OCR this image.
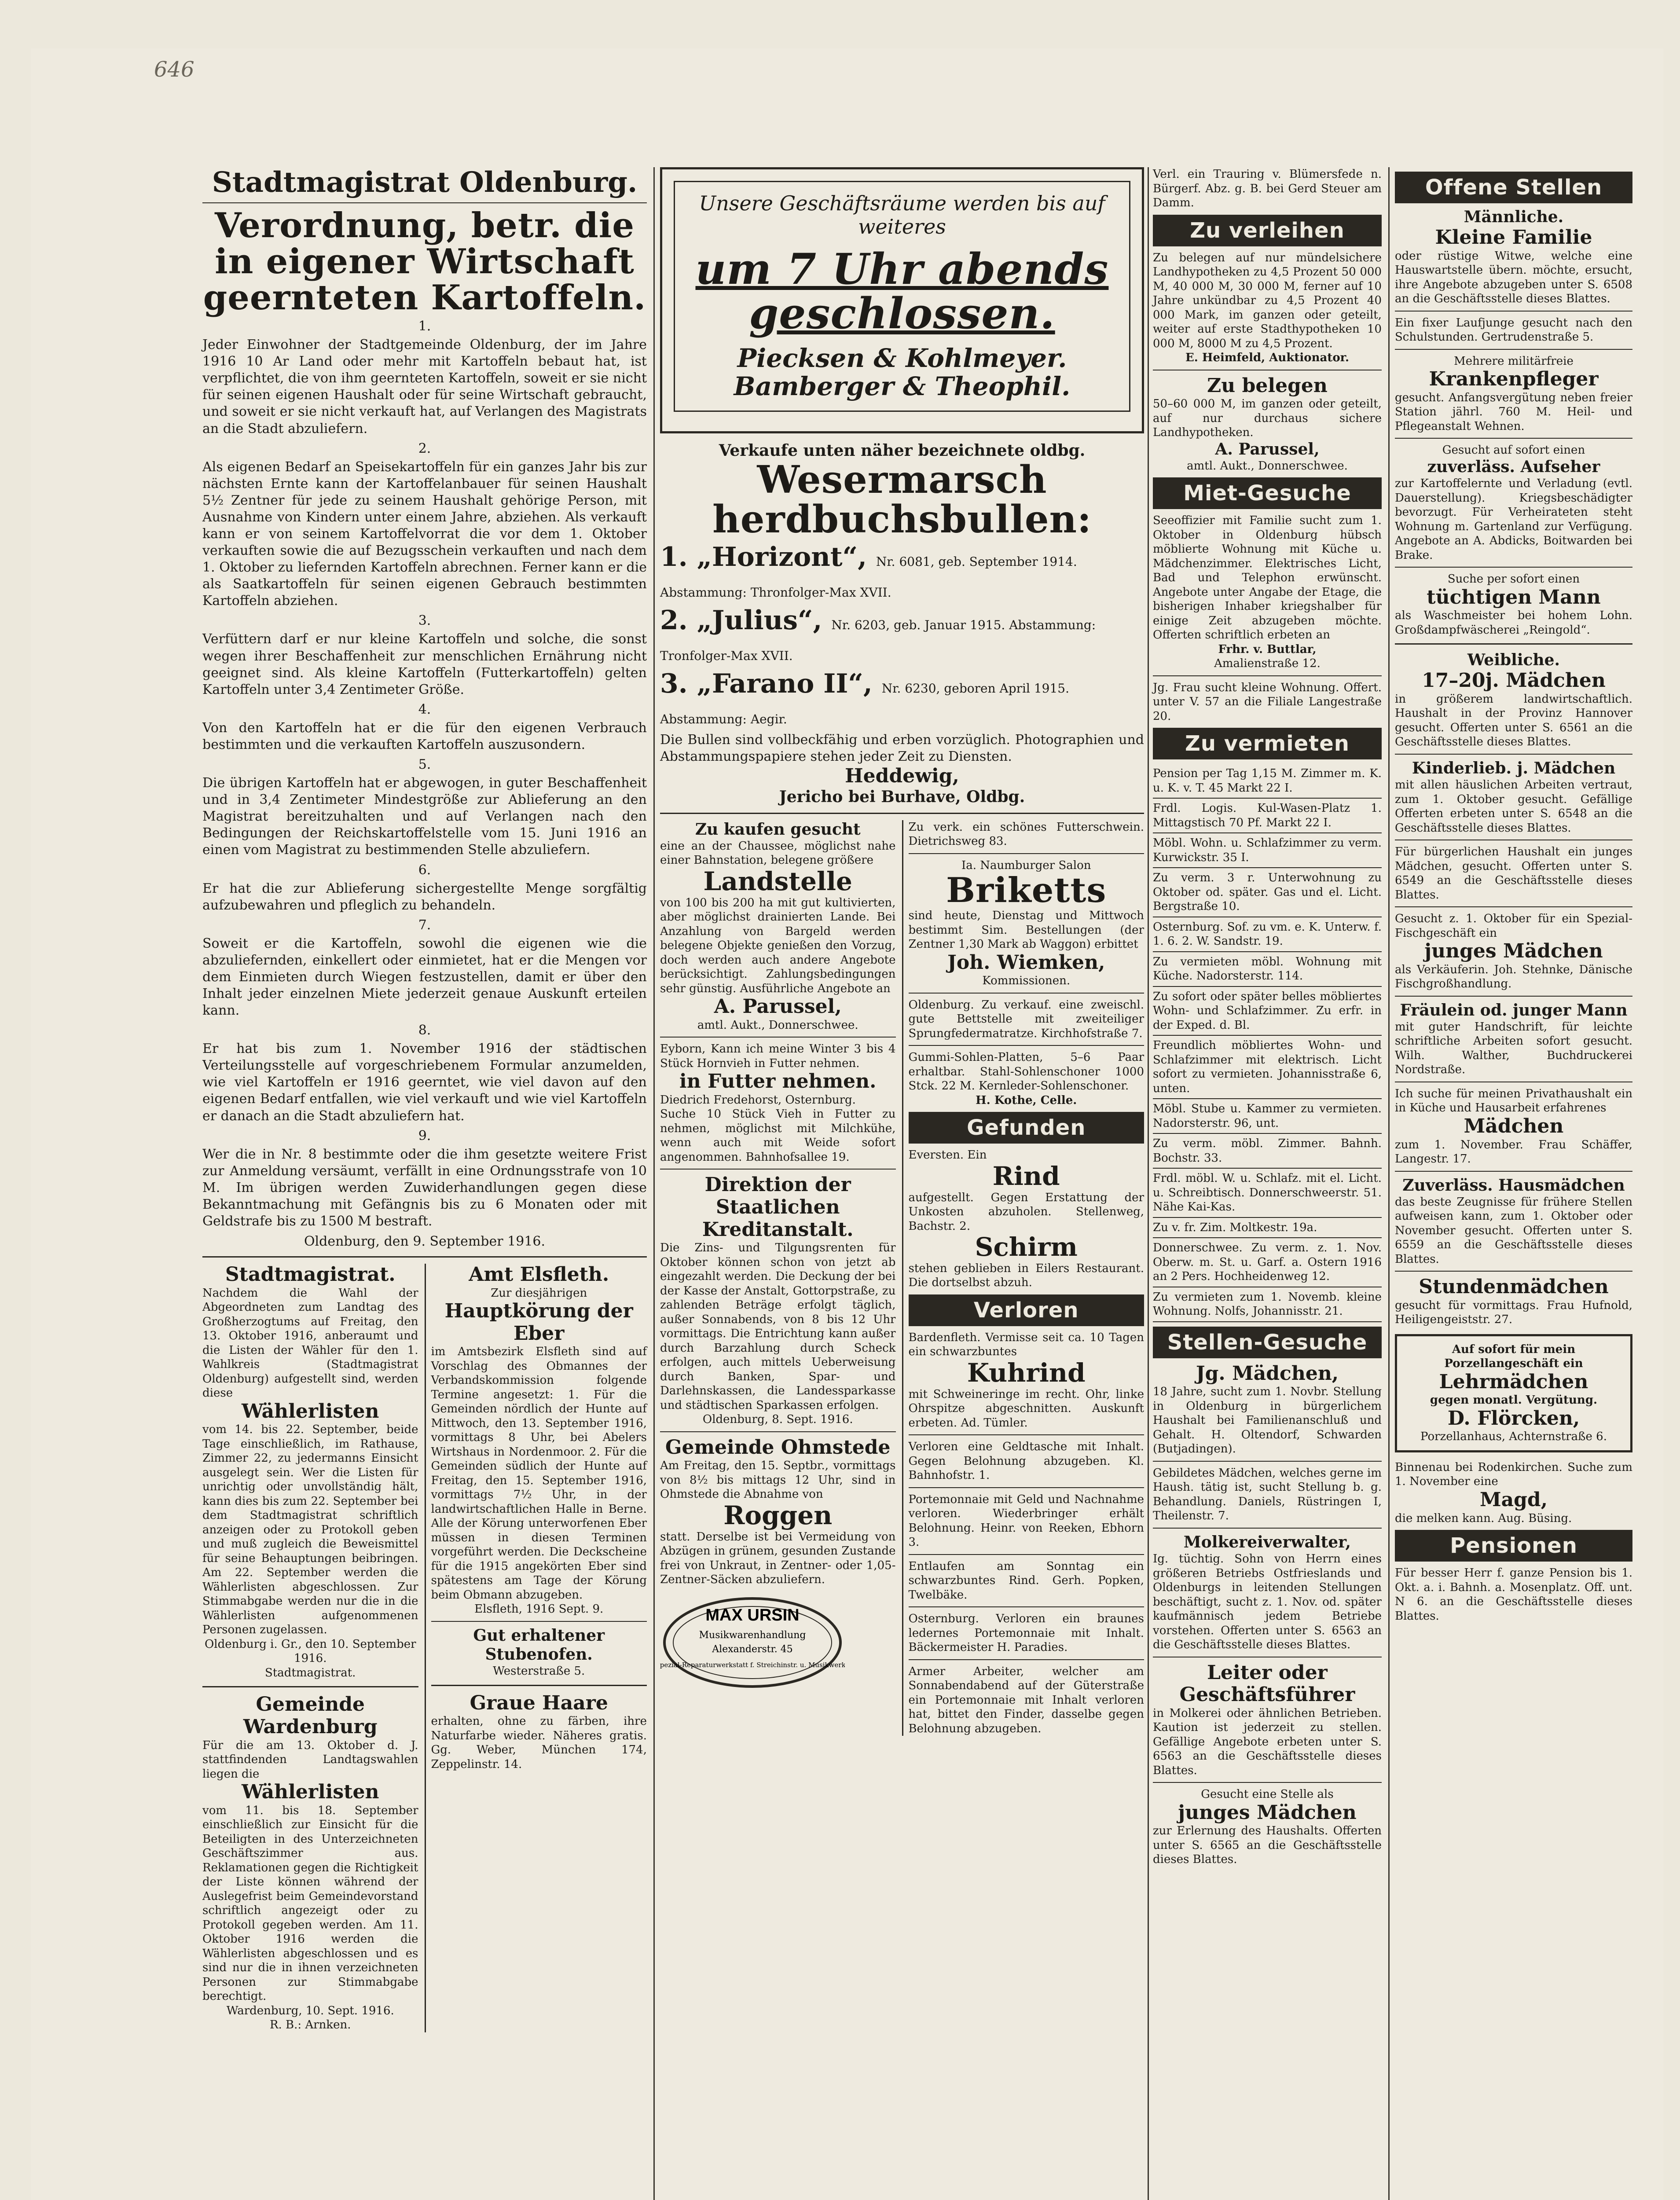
646
Stadtmagistrat Oldenburg.
Verordnung, betr. die in eigener Wirtschaft geernteten Kartoffeln.
1.
Jeder Einwohner der Stadtgemeinde Oldenburg, der im Jahre 1916 10 Ar Land oder mehr mit Kartoffeln bebaut hat, ist verpflichtet, die von ihm geernteten Kartoffeln, soweit er sie nicht für seinen eigenen Haushalt oder für seine Wirtschaft gebraucht, und soweit er sie nicht verkauft hat, auf Verlangen des Magistrats an die Stadt abzuliefern.
2.
Als eigenen Bedarf an Speisekartoffeln für ein ganzes Jahr bis zur nächsten Ernte kann der Kartoffelanbauer für seinen Haushalt 5½ Zentner für jede zu seinem Haushalt gehörige Person, mit Ausnahme von Kindern unter einem Jahre, abziehen. Als verkauft kann er von seinem Kartoffelvorrat die vor dem 1. Oktober verkauften sowie die auf Bezugsschein verkauften und nach dem 1. Oktober zu liefernden Kartoffeln abrechnen. Ferner kann er die als Saatkartoffeln für seinen eigenen Gebrauch bestimmten Kartoffeln abziehen.
3.
Verfüttern darf er nur kleine Kartoffeln und solche, die sonst wegen ihrer Beschaffenheit zur menschlichen Ernährung nicht geeignet sind. Als kleine Kartoffeln (Futterkartoffeln) gelten Kartoffeln unter 3,4 Zentimeter Größe.
4.
Von den Kartoffeln hat er die für den eigenen Verbrauch bestimmten und die verkauften Kartoffeln auszusondern.
5.
Die übrigen Kartoffeln hat er abgewogen, in guter Beschaffenheit und in 3,4 Zentimeter Mindestgröße zur Ablieferung an den Magistrat bereitzuhalten und auf Verlangen nach den Bedingungen der Reichskartoffelstelle vom 15. Juni 1916 an einen vom Magistrat zu bestimmenden Stelle abzuliefern.
6.
Er hat die zur Ablieferung sichergestellte Menge sorgfältig aufzubewahren und pfleglich zu behandeln.
7.
Soweit er die Kartoffeln, sowohl die eigenen wie die abzuliefernden, einkellert oder einmietet, hat er die Mengen vor dem Einmieten durch Wiegen festzustellen, damit er über den Inhalt jeder einzelnen Miete jederzeit genaue Auskunft erteilen kann.
8.
Er hat bis zum 1. November 1916 der städtischen Verteilungsstelle auf vorgeschriebenem Formular anzumelden, wie viel Kartoffeln er 1916 geerntet, wie viel davon auf den eigenen Bedarf entfallen, wie viel verkauft und wie viel Kartoffeln er danach an die Stadt abzuliefern hat.
9.
Wer die in Nr. 8 bestimmte oder die ihm gesetzte weitere Frist zur Anmeldung versäumt, verfällt in eine Ordnungsstrafe von 10 M. Im übrigen werden Zuwiderhandlungen gegen diese Bekanntmachung mit Gefängnis bis zu 6 Monaten oder mit Geldstrafe bis zu 1500 M bestraft.
Oldenburg, den 9. September 1916.
Stadtmagistrat.
Nachdem die Wahl der Abgeordneten zum Landtag des Großherzogtums auf Freitag, den 13. Oktober 1916, anberaumt und die Listen der Wähler für den 1. Wahlkreis (Stadtmagistrat Oldenburg) aufgestellt sind, werden diese
Wählerlisten
vom 14. bis 22. September, beide Tage einschließlich, im Rathause, Zimmer 22, zu jedermanns Einsicht ausgelegt sein. Wer die Listen für unrichtig oder unvollständig hält, kann dies bis zum 22. September bei dem Stadtmagistrat schriftlich anzeigen oder zu Protokoll geben und muß zugleich die Beweismittel für seine Behauptungen beibringen. Am 22. September werden die Wählerlisten abgeschlossen. Zur Stimmabgabe werden nur die in die Wählerlisten aufgenommenen Personen zugelassen.
Oldenburg i. Gr., den 10. September 1916.
Stadtmagistrat.
Gemeinde Wardenburg
Für die am 13. Oktober d. J. stattfindenden Landtagswahlen liegen die
Wählerlisten
vom 11. bis 18. September einschließlich zur Einsicht für die Beteiligten in des Unterzeichneten Geschäftszimmer aus. Reklamationen gegen die Richtigkeit der Liste können während der Auslegefrist beim Gemeindevorstand schriftlich angezeigt oder zu Protokoll gegeben werden. Am 11. Oktober 1916 werden die Wählerlisten abgeschlossen und es sind nur die in ihnen verzeichneten Personen zur Stimmabgabe berechtigt.
Wardenburg, 10. Sept. 1916.
R. B.: Arnken.
Amt Elsfleth.
Zur diesjährigen
Hauptkörung der Eber
im Amtsbezirk Elsfleth sind auf Vorschlag des Obmannes der Verbandskommission folgende Termine angesetzt: 1. Für die Gemeinden nördlich der Hunte auf Mittwoch, den 13. September 1916, vormittags 8 Uhr, bei Abelers Wirtshaus in Nordenmoor. 2. Für die Gemeinden südlich der Hunte auf Freitag, den 15. September 1916, vormittags 7½ Uhr, in der landwirtschaftlichen Halle in Berne. Alle der Körung unterworfenen Eber müssen in diesen Terminen vorgeführt werden. Die Deckscheine für die 1915 angekörten Eber sind spätestens am Tage der Körung beim Obmann abzugeben.
Elsfleth, 1916 Sept. 9.
Gut erhaltener Stubenofen.
Westerstraße 5.
Graue Haare
erhalten, ohne zu färben, ihre Naturfarbe wieder. Näheres gratis. Gg. Weber, München 174, Zeppelinstr. 14.
Unsere Geschäftsräume werden bis auf weiteres
um 7 Uhr abends geschlossen.
Piecksen & Kohlmeyer.
Bamberger & Theophil.
Verkaufe unten näher bezeichnete oldbg.
Wesermarsch herdbuchsbullen:
1. „Horizont“, Nr. 6081, geb. September 1914. Abstammung: Thronfolger-Max XVII.
2. „Julius“, Nr. 6203, geb. Januar 1915. Abstammung: Tronfolger-Max XVII.
3. „Farano II“, Nr. 6230, geboren April 1915. Abstammung: Aegir.
Die Bullen sind vollbeckfähig und erben vorzüglich. Photographien und Abstammungspapiere stehen jeder Zeit zu Diensten.
Heddewig,
Jericho bei Burhave, Oldbg.
Zu kaufen gesucht
eine an der Chaussee, möglichst nahe einer Bahnstation, belegene größere
Landstelle
von 100 bis 200 ha mit gut kultivierten, aber möglichst drainierten Lande. Bei Anzahlung von Bargeld werden belegene Objekte genießen den Vorzug, doch werden auch andere Angebote berücksichtigt. Zahlungsbedingungen sehr günstig. Ausführliche Angebote an
A. Parussel,
amtl. Aukt., Donnerschwee.
Eyborn, Kann ich meine Winter 3 bis 4 Stück Hornvieh in Futter nehmen.
in Futter nehmen.
Diedrich Fredehorst, Osternburg.
Suche 10 Stück Vieh in Futter zu nehmen, möglichst mit Milchkühe, wenn auch mit Weide sofort angenommen. Bahnhofsallee 19.
Direktion der Staatlichen Kreditanstalt.
Die Zins- und Tilgungsrenten für Oktober können schon von jetzt ab eingezahlt werden. Die Deckung der bei der Kasse der Anstalt, Gottorpstraße, zu zahlenden Beträge erfolgt täglich, außer Sonnabends, von 8 bis 12 Uhr vormittags. Die Entrichtung kann außer durch Barzahlung durch Scheck erfolgen, auch mittels Ueberweisung durch Banken, Spar- und Darlehnskassen, die Landessparkasse und städtischen Sparkassen erfolgen.
Oldenburg, 8. Sept. 1916.
Gemeinde Ohmstede
Am Freitag, den 15. Septbr., vormittags von 8½ bis mittags 12 Uhr, sind in Ohmstede die Abnahme von
Roggen
statt. Derselbe ist bei Vermeidung von Abzügen in grünem, gesunden Zustande frei von Unkraut, in Zentner- oder 1,05-Zentner-Säcken abzuliefern.
MAX URSIN
Musikwarenhandlung
Alexanderstr. 45
Spezial-Reparaturwerkstatt f. Streichinstr. u. Musikwerke
Zu verk. ein schönes Futterschwein. Dietrichsweg 83.
Ia. Naumburger Salon
Briketts
sind heute, Dienstag und Mittwoch bestimmt Sim. Bestellungen (der Zentner 1,30 Mark ab Waggon) erbittet
Joh. Wiemken,
Kommissionen.
Oldenburg. Zu verkauf. eine zweischl. gute Bettstelle mit zweiteiliger Sprungfedermatratze. Kirchhofstraße 7.
Gummi-Sohlen-Platten, 5–6 Paar erhaltbar. Stahl-Sohlenschoner 1000 Stck. 22 M. Kernleder-Sohlenschoner.
H. Kothe, Celle.
Gefunden
Eversten. Ein
Rind
aufgestellt. Gegen Erstattung der Unkosten abzuholen. Stellenweg, Bachstr. 2.
Schirm
stehen geblieben in Eilers Restaurant. Die dortselbst abzuh.
Verloren
Bardenfleth. Vermisse seit ca. 10 Tagen ein schwarzbuntes
Kuhrind
mit Schweineringe im recht. Ohr, linke Ohrspitze abgeschnitten. Auskunft erbeten. Ad. Tümler.
Verloren eine Geldtasche mit Inhalt. Gegen Belohnung abzugeben. Kl. Bahnhofstr. 1.
Portemonnaie mit Geld und Nachnahme verloren. Wiederbringer erhält Belohnung. Heinr. von Reeken, Ebhorn 3.
Entlaufen am Sonntag ein schwarzbuntes Rind. Gerh. Popken, Twelbäke.
Osternburg. Verloren ein braunes ledernes Portemonnaie mit Inhalt. Bäckermeister H. Paradies.
Armer Arbeiter, welcher am Sonnabendabend auf der Güterstraße ein Portemonnaie mit Inhalt verloren hat, bittet den Finder, dasselbe gegen Belohnung abzugeben.
Verl. ein Trauring v. Blümersfede n. Bürgerf. Abz. g. B. bei Gerd Steuer am Damm.
Zu verleihen
Zu belegen auf nur mündelsichere Landhypotheken zu 4,5 Prozent 50 000 M, 40 000 M, 30 000 M, ferner auf 10 Jahre unkündbar zu 4,5 Prozent 40 000 Mark, im ganzen oder geteilt, weiter auf erste Stadthypotheken 10 000 M, 8000 M zu 4,5 Prozent.
E. Heimfeld, Auktionator.
Zu belegen
50–60 000 M, im ganzen oder geteilt, auf nur durchaus sichere Landhypotheken.
A. Parussel,
amtl. Aukt., Donnerschwee.
Miet-Gesuche
Seeoffizier mit Familie sucht zum 1. Oktober in Oldenburg hübsch möblierte Wohnung mit Küche u. Mädchenzimmer. Elektrisches Licht, Bad und Telephon erwünscht. Angebote unter Angabe der Etage, die bisherigen Inhaber kriegshalber für einige Zeit abzugeben möchte. Offerten schriftlich erbeten an
Frhr. v. Buttlar,
Amalienstraße 12.
Jg. Frau sucht kleine Wohnung. Offert. unter V. 57 an die Filiale Langestraße 20.
Zu vermieten
Pension per Tag 1,15 M. Zimmer m. K. u. K. v. T. 45 Markt 22 I.
Frdl. Logis. Kul-Wasen-Platz 1. Mittagstisch 70 Pf. Markt 22 I.
Möbl. Wohn. u. Schlafzimmer zu verm. Kurwickstr. 35 I.
Zu verm. 3 r. Unterwohnung zu Oktober od. später. Gas und el. Licht. Bergstraße 10.
Osternburg. Sof. zu vm. e. K. Unterw. f. 1. 6. 2. W. Sandstr. 19.
Zu vermieten möbl. Wohnung mit Küche. Nadorsterstr. 114.
Zu sofort oder später belles möbliertes Wohn- und Schlafzimmer. Zu erfr. in der Exped. d. Bl.
Freundlich möbliertes Wohn- und Schlafzimmer mit elektrisch. Licht sofort zu vermieten. Johannisstraße 6, unten.
Möbl. Stube u. Kammer zu vermieten. Nadorsterstr. 96, unt.
Zu verm. möbl. Zimmer. Bahnh. Bochstr. 33.
Frdl. möbl. W. u. Schlafz. mit el. Licht. u. Schreibtisch. Donnerschweerstr. 51. Nähe Kai-Kas.
Zu v. fr. Zim. Moltkestr. 19a.
Donnerschwee. Zu verm. z. 1. Nov. Oberw. m. St. u. Garf. a. Ostern 1916 an 2 Pers. Hochheidenweg 12.
Zu vermieten zum 1. Novemb. kleine Wohnung. Nolfs, Johannisstr. 21.
Stellen-Gesuche
Jg. Mädchen,
18 Jahre, sucht zum 1. Novbr. Stellung in Oldenburg in bürgerlichem Haushalt bei Familienanschluß und Gehalt. H. Oltendorf, Schwarden (Butjadingen).
Gebildetes Mädchen, welches gerne im Haush. tätig ist, sucht Stellung b. g. Behandlung. Daniels, Rüstringen I, Theilenstr. 7.
Molkereiverwalter,
Ig. tüchtig. Sohn von Herrn eines größeren Betriebs Ostfrieslands und Oldenburgs in leitenden Stellungen beschäftigt, sucht z. 1. Nov. od. später kaufmännisch jedem Betriebe vorstehen. Offerten unter S. 6563 an die Geschäftsstelle dieses Blattes.
Leiter oder Geschäftsführer
in Molkerei oder ähnlichen Betrieben. Kaution ist jederzeit zu stellen. Gefällige Angebote erbeten unter S. 6563 an die Geschäftsstelle dieses Blattes.
Gesucht eine Stelle als
junges Mädchen
zur Erlernung des Haushalts. Offerten unter S. 6565 an die Geschäftsstelle dieses Blattes.
Offene Stellen
Männliche.
Kleine Familie
oder rüstige Witwe, welche eine Hauswartstelle übern. möchte, ersucht, ihre Angebote abzugeben unter S. 6508 an die Geschäftsstelle dieses Blattes.
Ein fixer Laufjunge gesucht nach den Schulstunden. Gertrudenstraße 5.
Mehrere militärfreie
Krankenpfleger
gesucht. Anfangsvergütung neben freier Station jährl. 760 M. Heil- und Pflegeanstalt Wehnen.
Gesucht auf sofort einen
zuverläss. Aufseher
zur Kartoffelernte und Verladung (evtl. Dauerstellung). Kriegsbeschädigter bevorzugt. Für Verheirateten steht Wohnung m. Gartenland zur Verfügung. Angebote an A. Abdicks, Boitwarden bei Brake.
Suche per sofort einen
tüchtigen Mann
als Waschmeister bei hohem Lohn. Großdampfwäscherei „Reingold“.
Weibliche.
17–20j. Mädchen
in größerem landwirtschaftlich. Haushalt in der Provinz Hannover gesucht. Offerten unter S. 6561 an die Geschäftsstelle dieses Blattes.
Kinderlieb. j. Mädchen
mit allen häuslichen Arbeiten vertraut, zum 1. Oktober gesucht. Gefällige Offerten erbeten unter S. 6548 an die Geschäftsstelle dieses Blattes.
Für bürgerlichen Haushalt ein junges Mädchen, gesucht. Offerten unter S. 6549 an die Geschäftsstelle dieses Blattes.
Gesucht z. 1. Oktober für ein Spezial-Fischgeschäft ein
junges Mädchen
als Verkäuferin. Joh. Stehnke, Dänische Fischgroßhandlung.
Fräulein od. junger Mann
mit guter Handschrift, für leichte schriftliche Arbeiten sofort gesucht. Wilh. Walther, Buchdruckerei Nordstraße.
Ich suche für meinen Privathaushalt ein in Küche und Hausarbeit erfahrenes
Mädchen
zum 1. November. Frau Schäffer, Langestr. 17.
Zuverläss. Hausmädchen
das beste Zeugnisse für frühere Stellen aufweisen kann, zum 1. Oktober oder November gesucht. Offerten unter S. 6559 an die Geschäftsstelle dieses Blattes.
Stundenmädchen
gesucht für vormittags. Frau Hufnold, Heiligengeiststr. 27.
Auf sofort für mein Porzellangeschäft ein
Lehrmädchen
gegen monatl. Vergütung.
D. Flörcken,
Porzellanhaus, Achternstraße 6.
Binnenau bei Rodenkirchen. Suche zum 1. November eine
Magd,
die melken kann. Aug. Büsing.
Pensionen
Für besser Herr f. ganze Pension bis 1. Okt. a. i. Bahnh. a. Mosenplatz. Off. unt. N 6. an die Geschäftsstelle dieses Blattes.
